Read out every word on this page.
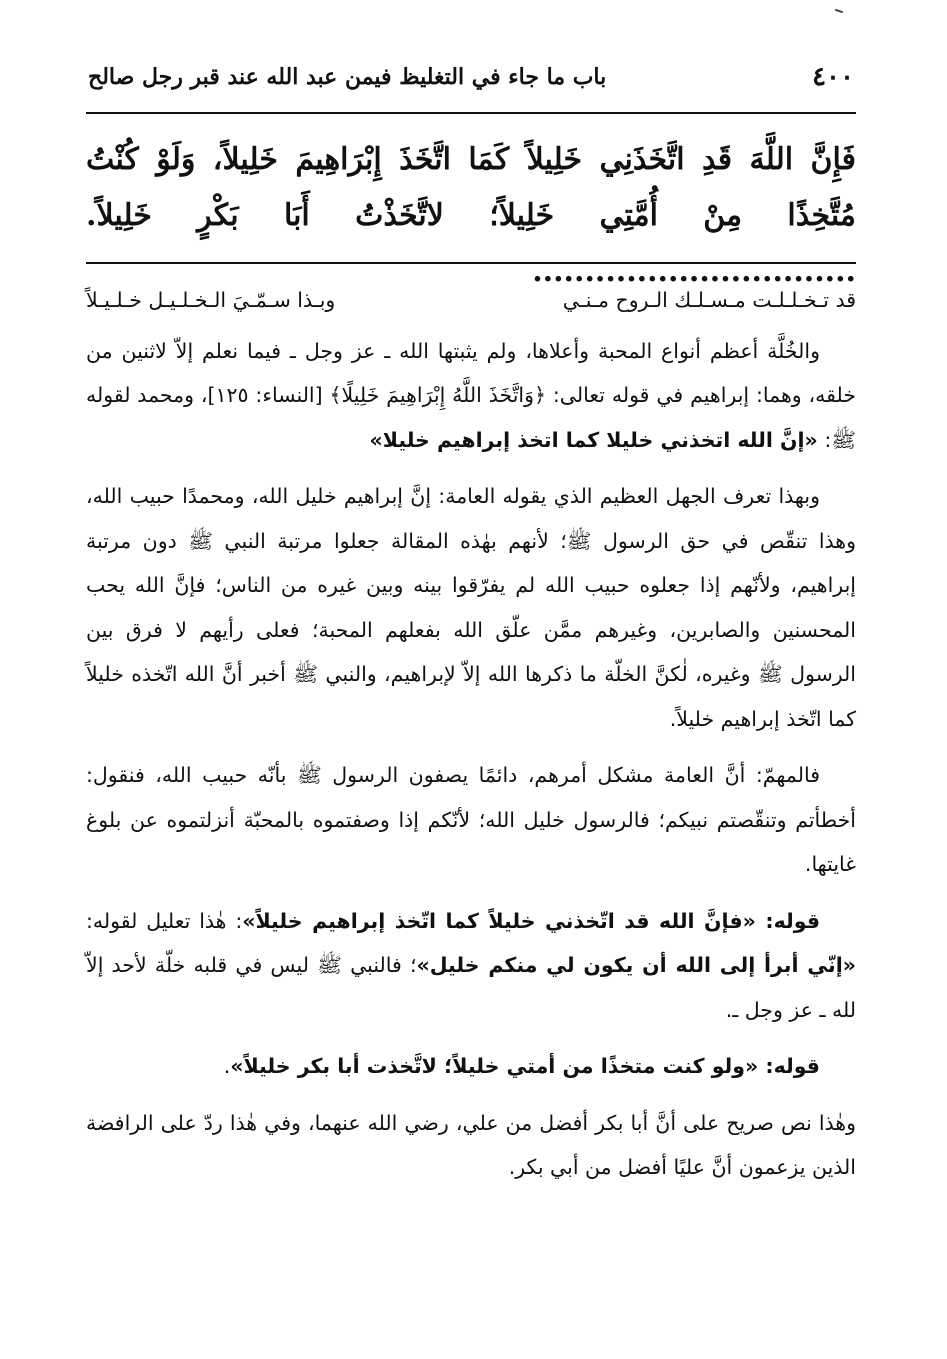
٤٠٠
باب ما جاء في التغليظ فيمن عبد الله عند قبر رجل صالح
فَإِنَّ اللَّهَ قَدِ اتَّخَذَنِي خَلِيلاً كَمَا اتَّخَذَ إِبْرَاهِيمَ خَلِيلاً، وَلَوْ كُنْتُ مُتَّخِذًا مِنْ أُمَّتِي خَلِيلاً؛ لاتَّخَذْتُ أَبَا بَكْرٍ خَلِيلاً. ...............................
قد تـخـلـلـت مـسـلـك الـروح مـنـي
وبـذا سـمّـيَ الـخـلـيـل خـلـيـلاً

والخُلَّة أعظم أنواع المحبة وأعلاها، ولم يثبتها الله ـ عز وجل ـ فيما نعلم إلاّ لاثنين من خلقه، وهما: إبراهيم في قوله تعالى: ﴿وَاتَّخَذَ اللَّهُ إِبْرَاهِيمَ خَلِيلًا﴾ [النساء: ١٢٥]، ومحمد لقوله ﷺ: «إنَّ الله اتخذني خليلا كما اتخذ إبراهيم خليلا»

وبهذا تعرف الجهل العظيم الذي يقوله العامة: إنَّ إبراهيم خليل الله، ومحمدًا حبيب الله، وهذا تنقّص في حق الرسول ﷺ؛ لأنهم بهٰذه المقالة جعلوا مرتبة النبي ﷺ دون مرتبة إبراهيم، ولأنّهم إذا جعلوه حبيب الله لم يفرّقوا بينه وبين غيره من الناس؛ فإنَّ الله يحب المحسنين والصابرين، وغيرهم ممَّن علّق الله بفعلهم المحبة؛ فعلى رأيهم لا فرق بين الرسول ﷺ وغيره، لٰكنَّ الخلّة ما ذكرها الله إلاّ لإبراهيم، والنبي ﷺ أخبر أنَّ الله اتّخذه خليلاً كما اتّخذ إبراهيم خليلاً.

فالمهمّ: أنَّ العامة مشكل أمرهم، دائمًا يصفون الرسول ﷺ بأنّه حبيب الله، فنقول: أخطأتم وتنقّصتم نبيكم؛ فالرسول خليل الله؛ لأنّكم إذا وصفتموه بالمحبّة أنزلتموه عن بلوغ غايتها.

قوله: «فإنَّ الله قد اتّخذني خليلاً كما اتّخذ إبراهيم خليلاً»: هٰذا تعليل لقوله: «إنّي أبرأ إلى الله أن يكون لي منكم خليل»؛ فالنبي ﷺ ليس في قلبه خلّة لأحد إلاّ لله ـ عز وجل ـ.

قوله: «ولو كنت متخذًا من أمتي خليلاً؛ لاتَّخذت أبا بكر خليلاً».

وهٰذا نص صريح على أنَّ أبا بكر أفضل من علي، رضي الله عنهما، وفي هٰذا ردّ على الرافضة الذين يزعمون أنَّ عليًا أفضل من أبي بكر.
